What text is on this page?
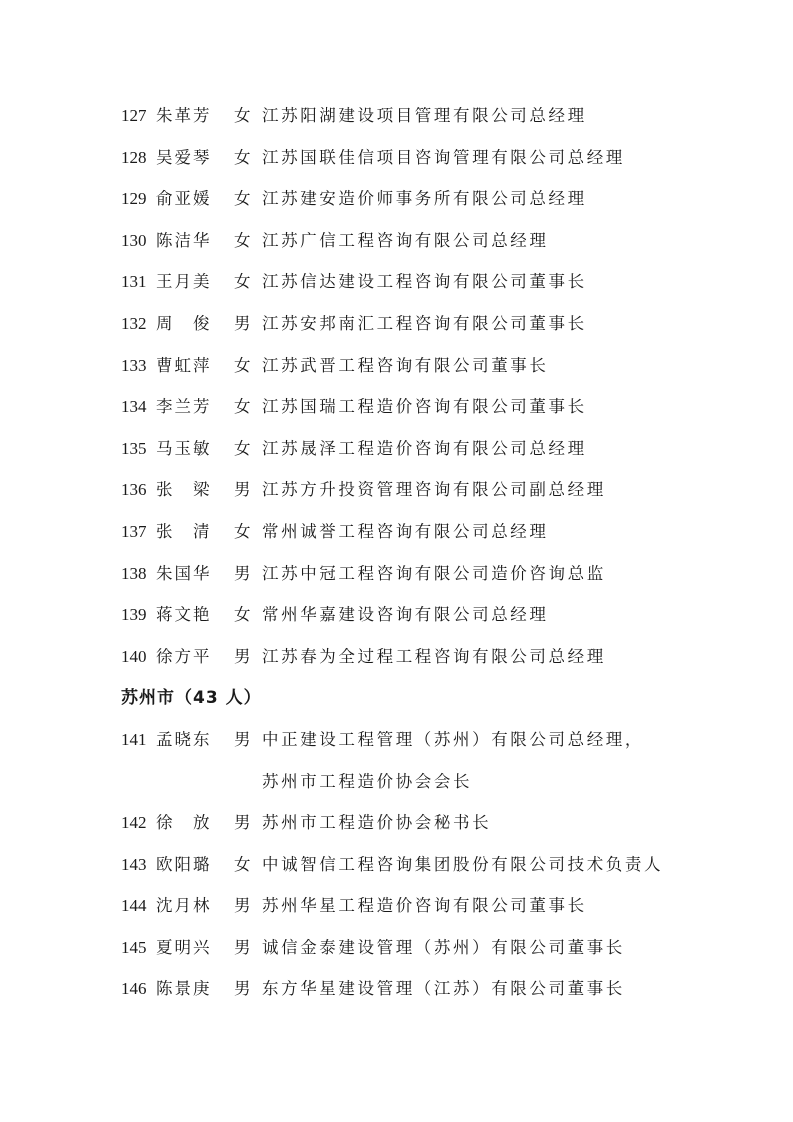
127 朱革芳	女 江苏阳湖建设项目管理有限公司总经理
128 吴爱琴	女 江苏国联佳信项目咨询管理有限公司总经理
129 俞亚媛	女 江苏建安造价师事务所有限公司总经理
130 陈洁华	女 江苏广信工程咨询有限公司总经理
131 王月美	女 江苏信达建设工程咨询有限公司董事长
132 周　俊	男 江苏安邦南汇工程咨询有限公司董事长
133 曹虹萍	女 江苏武晋工程咨询有限公司董事长
134 李兰芳	女 江苏国瑞工程造价咨询有限公司董事长
135 马玉敏	女 江苏晟泽工程造价咨询有限公司总经理
136 张　梁	男 江苏方升投资管理咨询有限公司副总经理
137 张　清	女 常州诚誉工程咨询有限公司总经理
138 朱国华	男 江苏中冠工程咨询有限公司造价咨询总监
139 蒋文艳	女 常州华嘉建设咨询有限公司总经理
140 徐方平	男 江苏春为全过程工程咨询有限公司总经理
苏州市（43 人）
141 孟晓东	男 中正建设工程管理（苏州）有限公司总经理，
苏州市工程造价协会会长
142 徐　放	男 苏州市工程造价协会秘书长
143 欧阳璐	女 中诚智信工程咨询集团股份有限公司技术负责人
144 沈月林	男 苏州华星工程造价咨询有限公司董事长
145 夏明兴	男 诚信金泰建设管理（苏州）有限公司董事长
146 陈景庚	男 东方华星建设管理（江苏）有限公司董事长
